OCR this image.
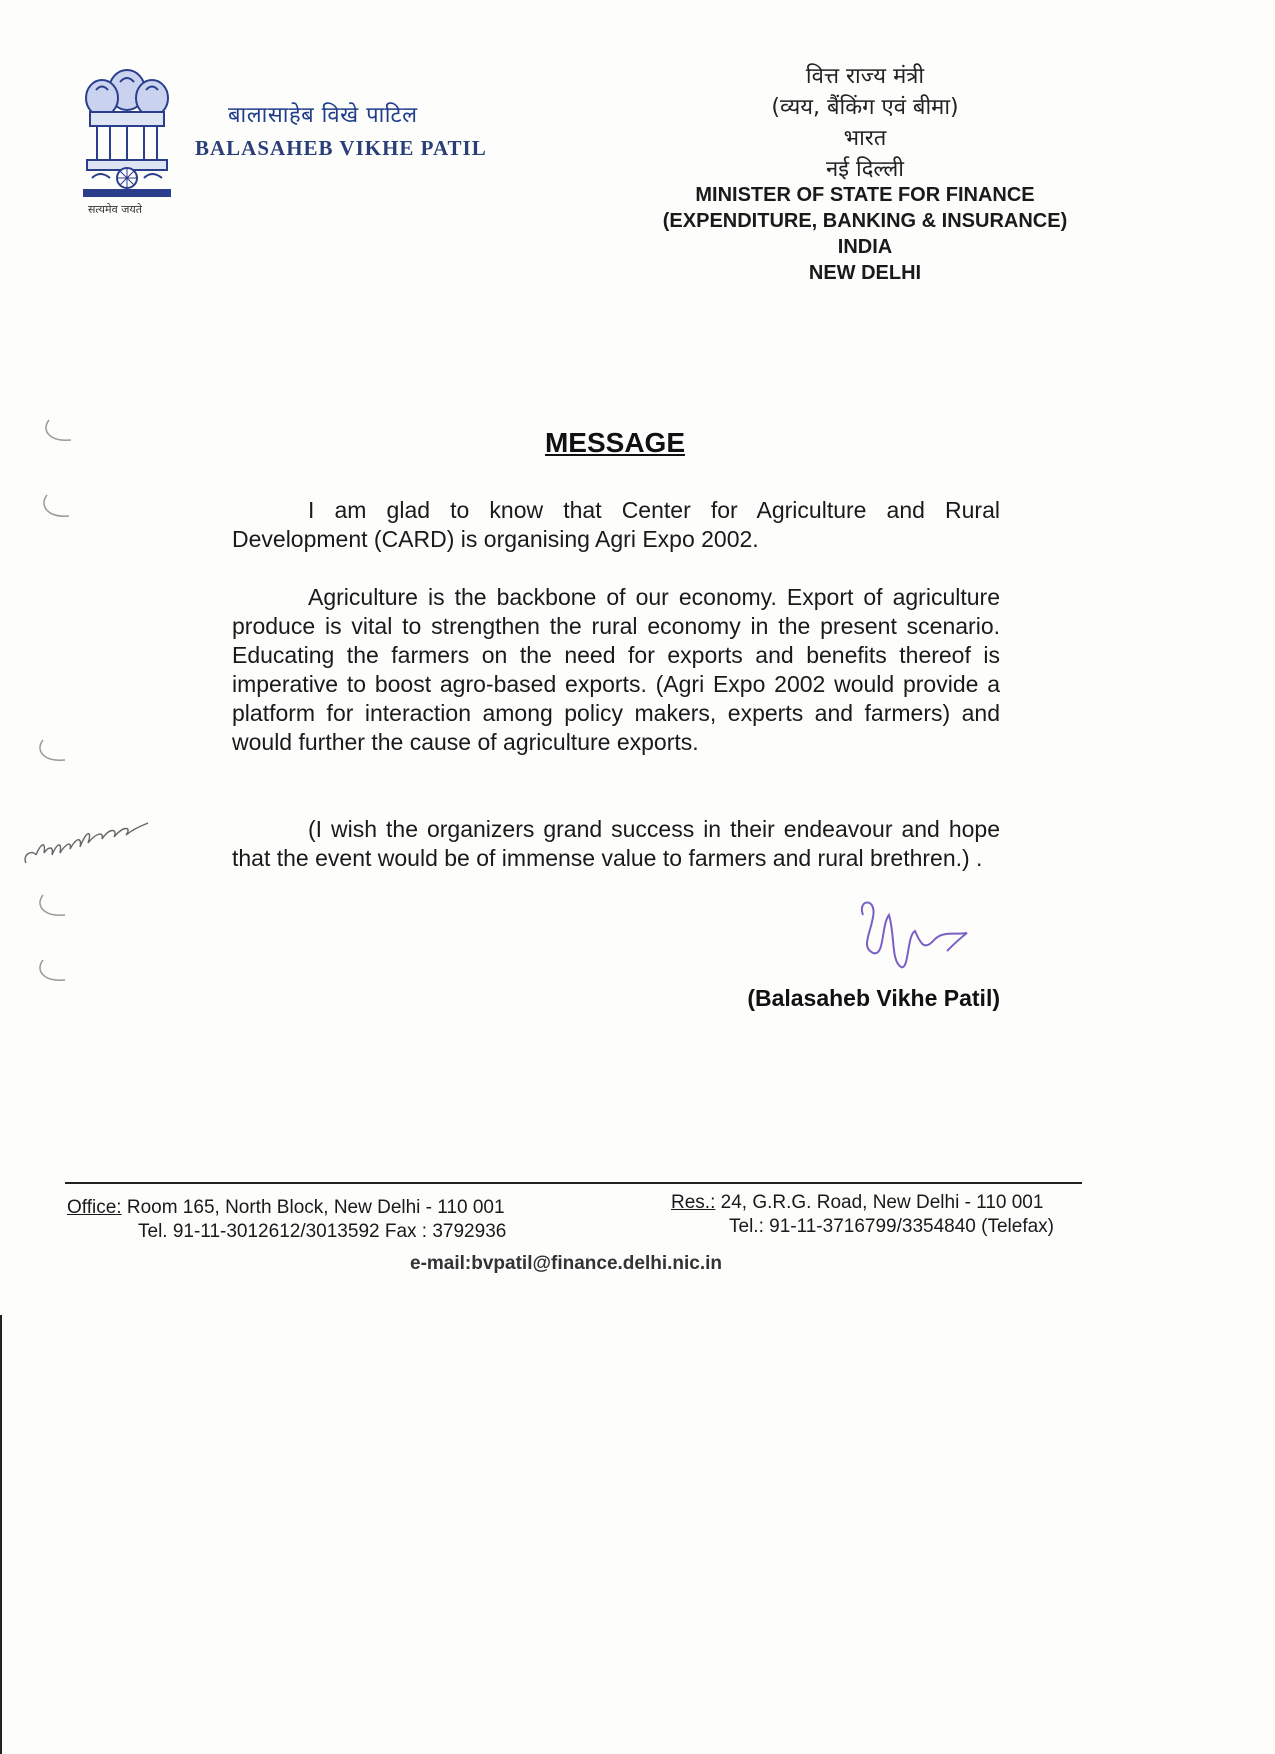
सत्यमेव जयते
बालासाहेब विखे पाटिल
BALASAHEB VIKHE PATIL
वित्त राज्य मंत्री
(व्यय, बैंकिंग एवं बीमा)
भारत
नई दिल्ली
MINISTER OF STATE FOR FINANCE
(EXPENDITURE, BANKING & INSURANCE)
INDIA
NEW DELHI
MESSAGE

I am glad to know that Center for Agriculture and Rural Development (CARD) is organising Agri Expo 2002.

Agriculture is the backbone of our economy. Export of agriculture produce is vital to strengthen the rural economy in the present scenario. Educating the farmers on the need for exports and benefits thereof is imperative to boost agro-based exports. (Agri Expo 2002 would provide a platform for interaction among policy makers, experts and farmers) and would further the cause of agriculture exports.

(I wish the organizers grand success in their endeavour and hope that the event would be of immense value to farmers and rural brethren.) .

(Balasaheb Vikhe Patil)
Office: Room 165, North Block, New Delhi - 110 001
Tel. 91-11-3012612/3013592 Fax : 3792936
Res.: 24, G.R.G. Road, New Delhi - 110 001
Tel.: 91-11-3716799/3354840 (Telefax)
e-mail:bvpatil@finance.delhi.nic.in
